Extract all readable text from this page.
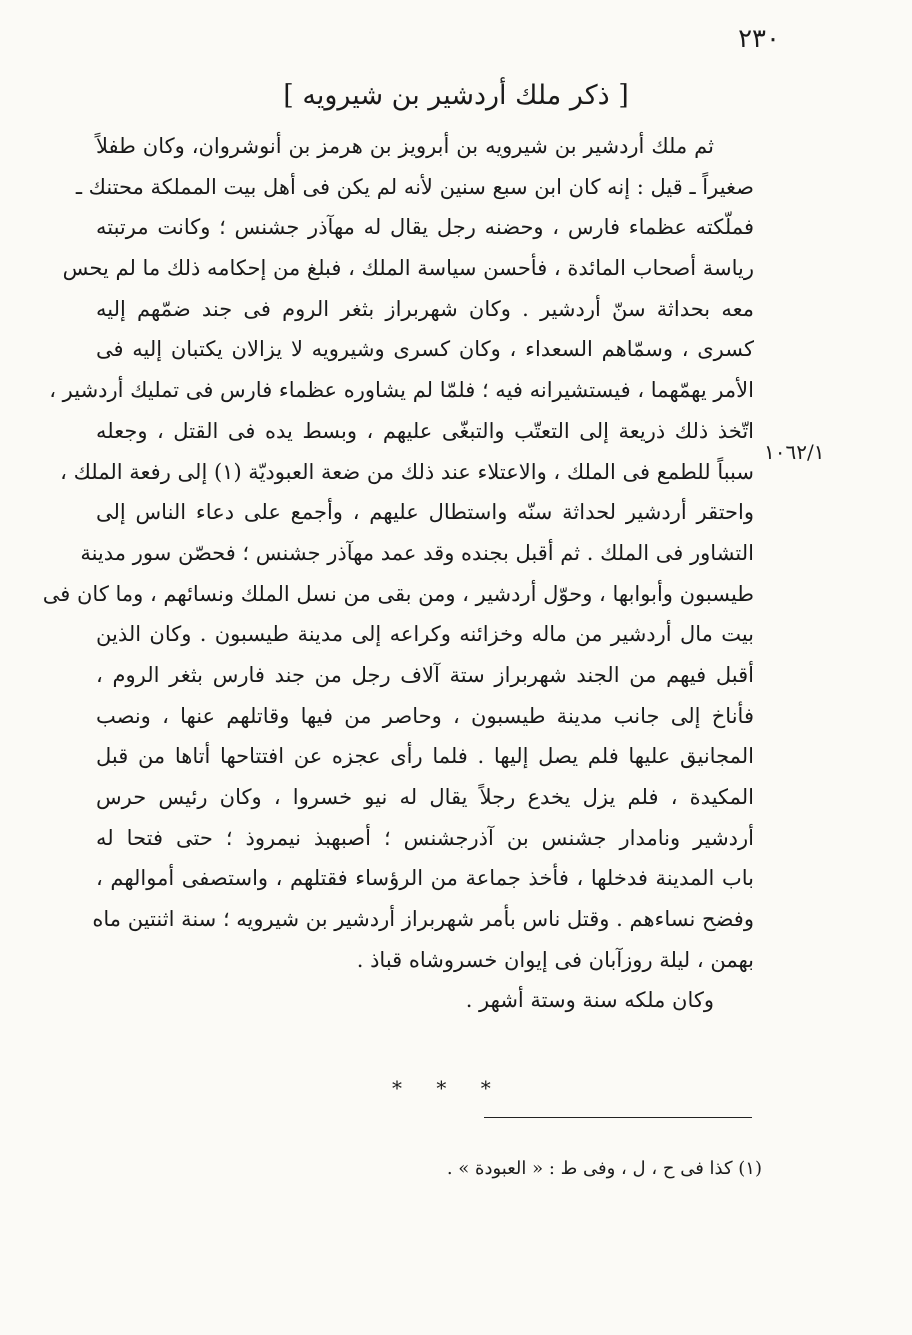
٢٣٠
[ ذكر ملك أردشير بن شيرويه ]
١٠٦٢/١
ثم ملك أردشير بن شيرويه بن أبرويز بن هرمز بن أنوشروان، وكان طفلاً
صغيراً ـ قيل : إنه كان ابن سبع سنين لأنه لم يكن فى أهل بيت المملكة محتنك ـ
فملّكته عظماء فارس ، وحضنه رجل يقال له مهآذر جشنس ؛ وكانت مرتبته
رياسة أصحاب المائدة ، فأحسن سياسة الملك ، فبلغ من إحكامه ذلك ما لم يحس
معه بحداثة سنّ أردشير . وكان شهربراز بثغر الروم فى جند ضمّهم إليه
كسرى ، وسمّاهم السعداء ، وكان كسرى وشيرويه لا يزالان يكتبان إليه فى
الأمر يهمّهما ، فيستشيرانه فيه ؛ فلمّا لم يشاوره عظماء فارس فى تمليك أردشير ،
اتّخذ ذلك ذريعة إلى التعتّب والتبغّى عليهم ، وبسط يده فى القتل ، وجعله
سبباً للطمع فى الملك ، والاعتلاء عند ذلك من ضعة العبوديّة (١) إلى رفعة الملك ،
واحتقر أردشير لحداثة سنّه واستطال عليهم ، وأجمع على دعاء الناس إلى
التشاور فى الملك . ثم أقبل بجنده وقد عمد مهآذر جشنس ؛ فحصّن سور مدينة
طيسبون وأبوابها ، وحوّل أردشير ، ومن بقى من نسل الملك ونسائهم ، وما كان فى
بيت مال أردشير من ماله وخزائنه وكراعه إلى مدينة طيسبون . وكان الذين
أقبل فيهم من الجند شهربراز ستة آلاف رجل من جند فارس بثغر الروم ،
فأناخ إلى جانب مدينة طيسبون ، وحاصر من فيها وقاتلهم عنها ، ونصب
المجانيق عليها فلم يصل إليها . فلما رأى عجزه عن افتتاحها أتاها من قبل
المكيدة ، فلم يزل يخدع رجلاً يقال له نيو خسروا ، وكان رئيس حرس
أردشير ونامدار جشنس بن آذرجشنس ؛ أصبهبذ نيمروذ ؛ حتى فتحا له
باب المدينة فدخلها ، فأخذ جماعة من الرؤساء فقتلهم ، واستصفى أموالهم ،
وفضح نساءهم . وقتل ناس بأمر شهربراز أردشير بن شيرويه ؛ سنة اثنتين ماه
بهمن ، ليلة روزآبان فى إيوان خسروشاه قباذ .
وكان ملكه سنة وستة أشهر .
* * *
(١) كذا فى ح ، ل ، وفى ط : « العبودة » .
